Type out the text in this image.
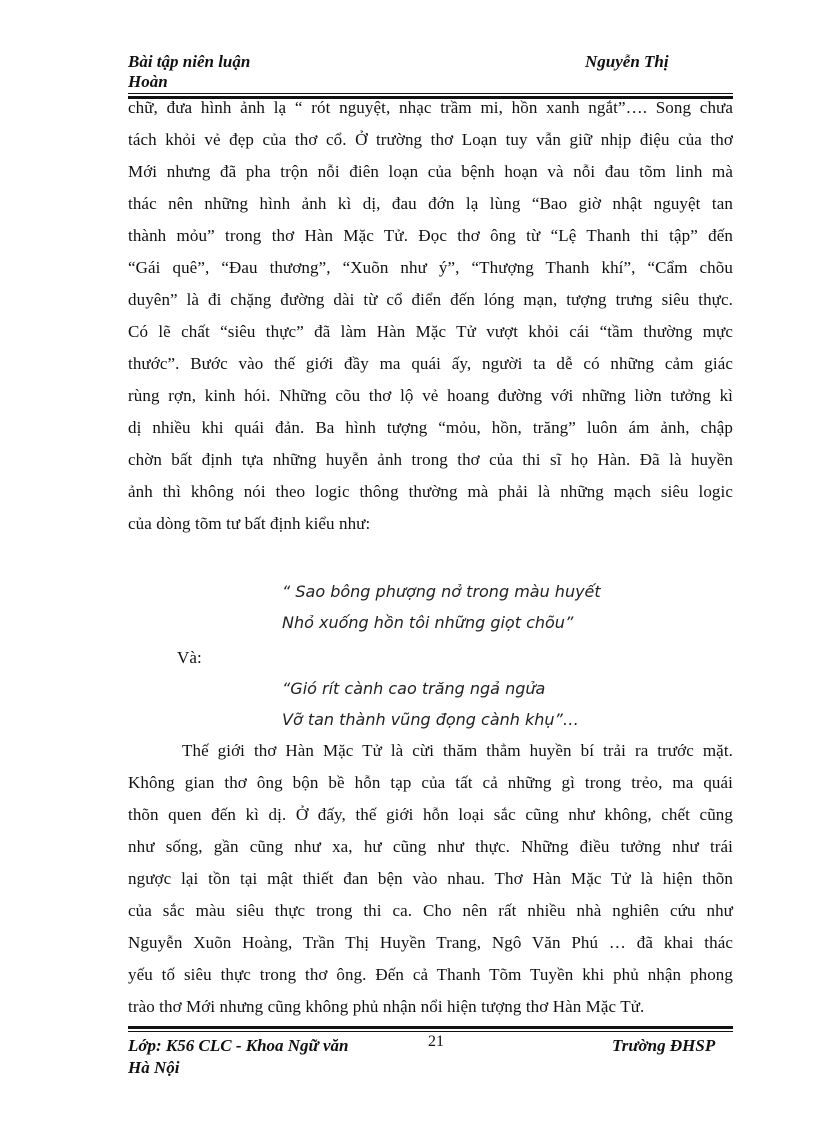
Bài tập niên luận
Hoàn
Nguyễn Thị
chữ, đưa hình ảnh lạ “ rót nguyệt, nhạc trầm mi, hồn xanh ngắt”…. Song chưa
tách khỏi vẻ đẹp của thơ cổ. Ở trường thơ Loạn tuy vẫn giữ nhịp điệu của thơ
Mới nhưng đã pha trộn nỗi điên loạn của bệnh hoạn và nỗi đau tõm linh mà
thác nên những hình ảnh kì dị, đau đớn lạ lùng “Bao giờ nhật nguyệt tan
thành mỏu” trong thơ Hàn Mặc Tử. Đọc thơ ông từ “Lệ Thanh thi tập” đến
“Gái quê”, “Đau thương”, “Xuõn như ý”, “Thượng Thanh khí”, “Cẩm chõu
duyên” là đi chặng đường dài từ cổ điển đến lóng mạn, tượng trưng siêu thực.
Có lẽ chất “siêu thực” đã làm Hàn Mặc Tử vượt khỏi cái “tầm thường mực
thước”. Bước vào thế giới đầy ma quái ấy, người ta dễ có những cảm giác
rùng rợn, kinh hói. Những cõu thơ lộ vẻ hoang đường với những liờn tưởng kì
dị nhiều khi quái đản. Ba hình tượng “mỏu, hồn, trăng” luôn ám ảnh, chập
chờn bất định tựa những huyễn ảnh trong thơ của thi sĩ họ Hàn. Đã là huyền
ảnh thì không nói theo logic thông thường mà phải là những mạch siêu logic
của dòng tõm tư bất định kiểu như:
“ Sao bông phượng nở trong màu huyết
Nhỏ xuống hồn tôi những giọt chõu”
Và:
“Gió rít cành cao trăng ngả ngửa
Vỡ tan thành vũng đọng cành khụ”…
Thế giới thơ Hàn Mặc Tử là cừi thăm thẳm huyền bí trải ra trước mặt.
Không gian thơ ông bộn bề hỗn tạp của tất cả những gì trong trẻo, ma quái
thõn quen đến kì dị. Ở đấy, thế giới hỗn loại sắc cũng như không, chết cũng
như sống, gần cũng như xa, hư cũng như thực. Những điều tưởng như trái
ngược lại tồn tại mật thiết đan bện vào nhau. Thơ Hàn Mặc Tử là hiện thõn
của sắc màu siêu thực trong thi ca. Cho nên rất nhiều nhà nghiên cứu như
Nguyễn Xuõn Hoàng, Trần Thị Huyền Trang, Ngô Văn Phú … đã khai thác
yếu tố siêu thực trong thơ ông. Đến cả Thanh Tõm Tuyền khi phủ nhận phong
trào thơ Mới nhưng cũng không phủ nhận nổi hiện tượng thơ Hàn Mặc Tử.
Lớp: K56 CLC - Khoa Ngữ văn
Hà Nội
21	Trường ĐHSP
